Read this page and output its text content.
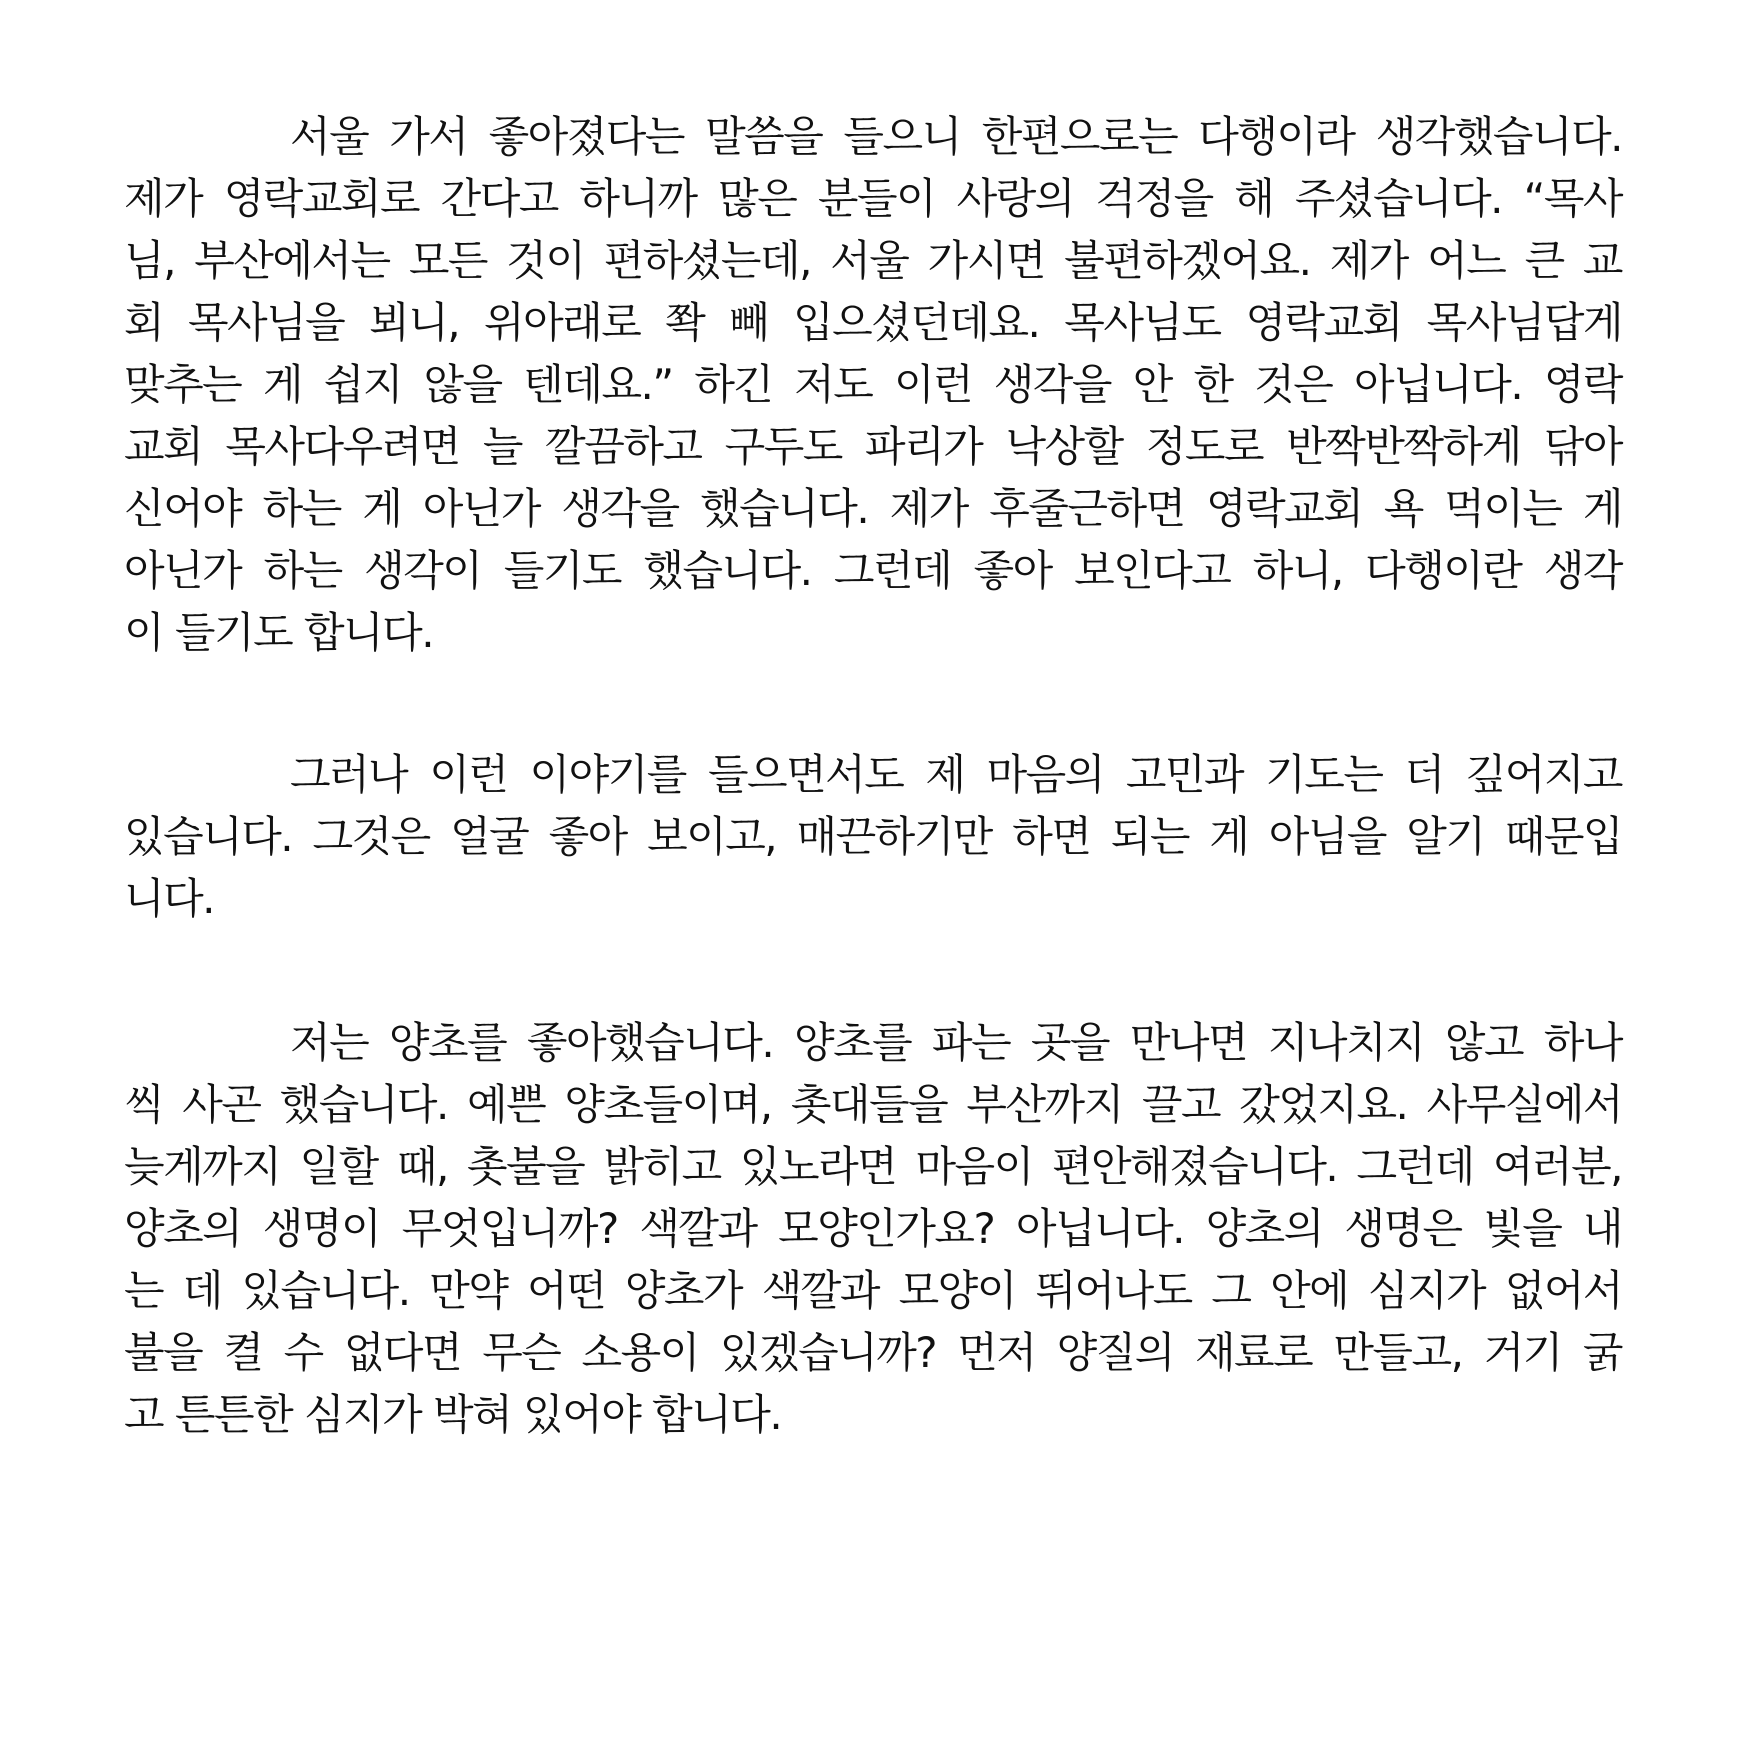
서울 가서 좋아졌다는 말씀을 들으니 한편으로는 다행이라 생각했습니다.

제가 영락교회로 간다고 하니까 많은 분들이 사랑의 걱정을 해 주셨습니다. “목사

님, 부산에서는 모든 것이 편하셨는데, 서울 가시면 불편하겠어요. 제가 어느 큰 교

회 목사님을 뵈니, 위아래로 쫙 빼 입으셨던데요. 목사님도 영락교회 목사님답게

맞추는 게 쉽지 않을 텐데요.” 하긴 저도 이런 생각을 안 한 것은 아닙니다. 영락

교회 목사다우려면 늘 깔끔하고 구두도 파리가 낙상할 정도로 반짝반짝하게 닦아

신어야 하는 게 아닌가 생각을 했습니다. 제가 후줄근하면 영락교회 욕 먹이는 게

아닌가 하는 생각이 들기도 했습니다. 그런데 좋아 보인다고 하니, 다행이란 생각

이 들기도 합니다.

그러나 이런 이야기를 들으면서도 제 마음의 고민과 기도는 더 깊어지고

있습니다. 그것은 얼굴 좋아 보이고, 매끈하기만 하면 되는 게 아님을 알기 때문입

니다.

저는 양초를 좋아했습니다. 양초를 파는 곳을 만나면 지나치지 않고 하나

씩 사곤 했습니다. 예쁜 양초들이며, 촛대들을 부산까지 끌고 갔었지요. 사무실에서

늦게까지 일할 때, 촛불을 밝히고 있노라면 마음이 편안해졌습니다. 그런데 여러분,

양초의 생명이 무엇입니까? 색깔과 모양인가요? 아닙니다. 양초의 생명은 빛을 내

는 데 있습니다. 만약 어떤 양초가 색깔과 모양이 뛰어나도 그 안에 심지가 없어서

불을 켤 수 없다면 무슨 소용이 있겠습니까? 먼저 양질의 재료로 만들고, 거기 굵

고 튼튼한 심지가 박혀 있어야 합니다.
